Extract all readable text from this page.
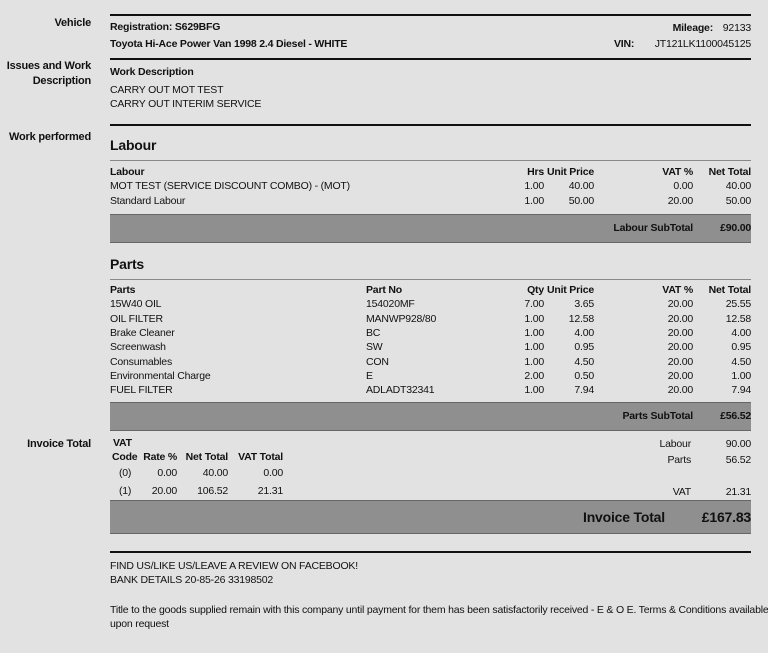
Vehicle
Issues and Work
Description
Work performed
Invoice Total
Registration: S629BFG
Toyota Hi-Ace Power Van 1998 2.4 Diesel - WHITE
Mileage: 92133
VIN:	JT121LK1100045125
Work Description
CARRY OUT MOT TEST
CARRY OUT INTERIM SERVICE
Labour
Labour	Hrs	Unit Price		VAT %	Net Total
MOT TEST (SERVICE DISCOUNT COMBO) - (MOT)	1.00	40.00		0.00	40.00
Standard Labour	1.00	50.00		20.00	50.00
Labour SubTotal	£90.00
Parts
Parts	Part No	Qty	Unit Price		VAT %	Net Total
15W40 OIL	154020MF	7.00	3.65		20.00	25.55
OIL FILTER	MANWP928/80	1.00	12.58		20.00	12.58
Brake Cleaner	BC	1.00	4.00		20.00	4.00
Screenwash	SW	1.00	0.95		20.00	0.95
Consumables	CON	1.00	4.50		20.00	4.50
Environmental Charge	E	2.00	0.50		20.00	1.00
FUEL FILTER	ADLADT32341	1.00	7.94		20.00	7.94
Parts SubTotal	£56.52
VAT
Code Rate % Net Total VAT Total
(0)	0.00	40.00	0.00
(1)	20.00	106.52	21.31
Labour	90.00
Parts	56.52
VAT	21.31
Invoice Total	£167.83
FIND US/LIKE US/LEAVE A REVIEW ON FACEBOOK!
BANK DETAILS 20-85-26 33198502
Title to the goods supplied remain with this company until payment for them has been satisfactorily received - E & O E. Terms & Conditions available
upon request
